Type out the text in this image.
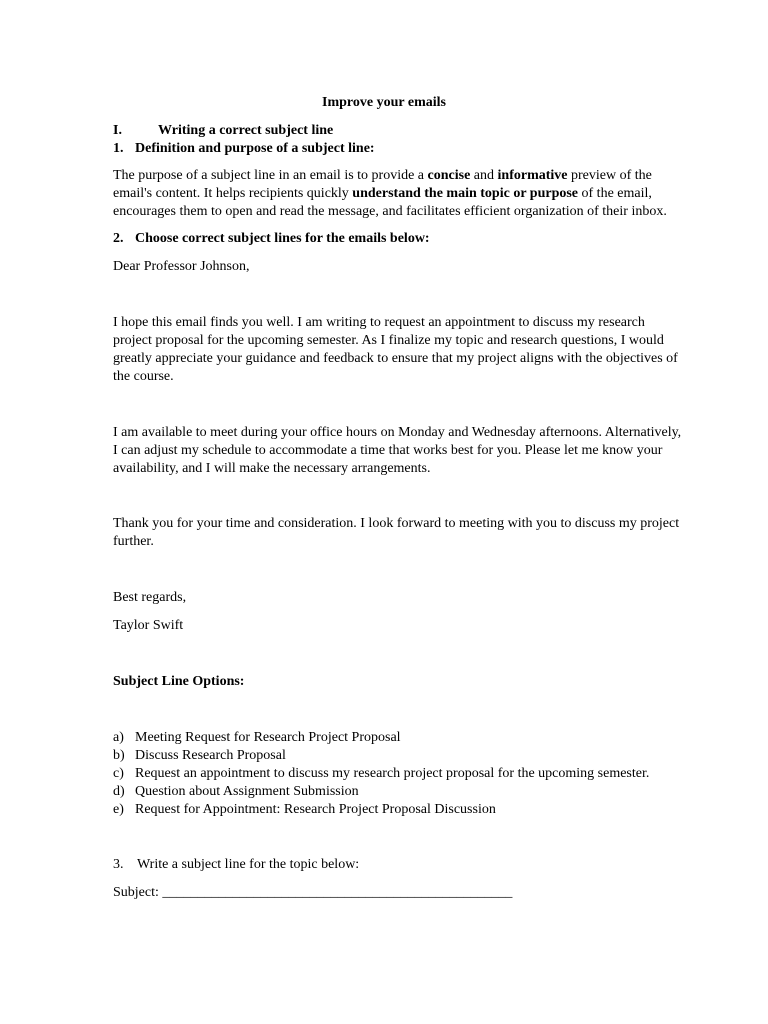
Improve your emails
I.	Writing a correct subject line
1. Definition and purpose of a subject line:
The purpose of a subject line in an email is to provide a concise and informative preview of the
email's content. It helps recipients quickly understand the main topic or purpose of the email,
encourages them to open and read the message, and facilitates efficient organization of their inbox.
2. Choose correct subject lines for the emails below:
Dear Professor Johnson,
I hope this email finds you well. I am writing to request an appointment to discuss my research
project proposal for the upcoming semester. As I finalize my topic and research questions, I would
greatly appreciate your guidance and feedback to ensure that my project aligns with the objectives of
the course.
I am available to meet during your office hours on Monday and Wednesday afternoons. Alternatively,
I can adjust my schedule to accommodate a time that works best for you. Please let me know your
availability, and I will make the necessary arrangements.
Thank you for your time and consideration. I look forward to meeting with you to discuss my project
further.
Best regards,
Taylor Swift
Subject Line Options:
a) Meeting Request for Research Project Proposal
b) Discuss Research Proposal
c) Request an appointment to discuss my research project proposal for the upcoming semester.
d) Question about Assignment Submission
e) Request for Appointment: Research Project Proposal Discussion
3. Write a subject line for the topic below:
Subject: __________________________________________________
